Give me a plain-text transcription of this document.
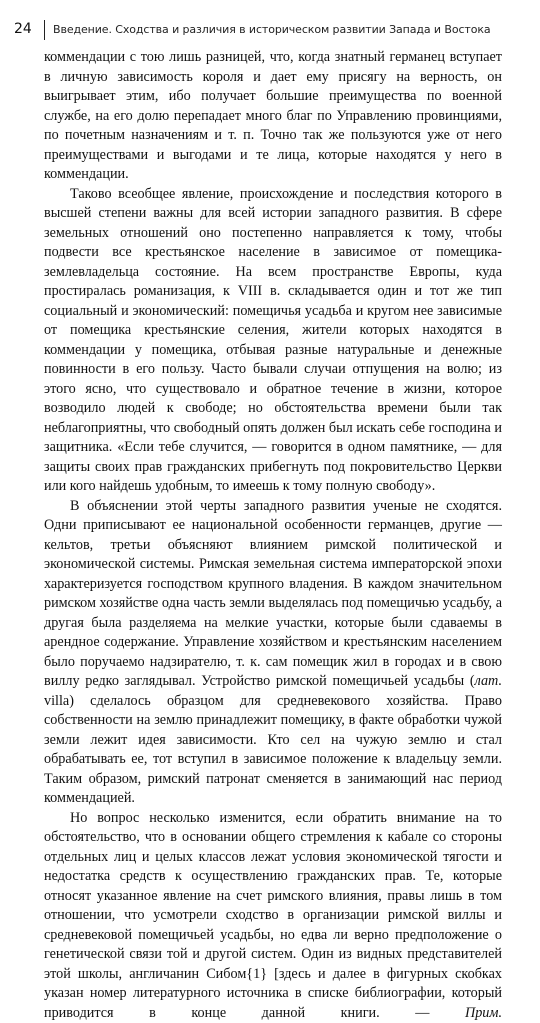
24 Введение. Сходства и различия в историческом развитии Запада и Востока

коммендации с тою лишь разницей, что, когда знатный германец вступает в личную зависимость короля и дает ему присягу на верность, он выигрывает этим, ибо получает большие преимущества по военной службе, на его долю перепадает много благ по Управлению провинциями, по почетным назначениям и т. п. Точно так же пользуются уже от него преимуществами и выгодами и те лица, которые находятся у него в коммендации.

Таково всеобщее явление, происхождение и последствия которого в высшей степени важны для всей истории западного развития. В сфере земельных отношений оно постепенно направляется к тому, чтобы подвести все крестьянское население в зависимое от помещика-землевладельца состояние. На всем пространстве Европы, куда простиралась романизация, к VIII в. складывается один и тот же тип социальный и экономический: помещичья усадьба и кругом нее зависимые от помещика крестьянские селения, жители которых находятся в коммендации у помещика, отбывая разные натуральные и денежные повинности в его пользу. Часто бывали случаи отпущения на волю; из этого ясно, что существовало и обратное течение в жизни, которое возводило людей к свободе; но обстоятельства времени были так неблагоприятны, что свободный опять должен был искать себе господина и защитника. «Если тебе случится, — говорится в одном памятнике, — для защиты своих прав гражданских прибегнуть под покровительство Церкви или кого найдешь удобным, то имеешь к тому полную свободу».

В объяснении этой черты западного развития ученые не сходятся. Одни приписывают ее национальной особенности германцев, другие — кельтов, третьи объясняют влиянием римской политической и экономической системы. Римская земельная система императорской эпохи характеризуется господством крупного владения. В каждом значительном римском хозяйстве одна часть земли выделялась под помещичью усадьбу, а другая была разделяема на мелкие участки, которые были сдаваемы в арендное содержание. Управление хозяйством и крестьянским населением было поручаемо надзирателю, т. к. сам помещик жил в городах и в свою виллу редко заглядывал. Устройство римской помещичьей усадьбы (лат. villa) сделалось образцом для средневекового хозяйства. Право собственности на землю принадлежит помещику, в факте обработки чужой земли лежит идея зависимости. Кто сел на чужую землю и стал обрабатывать ее, тот вступил в зависимое положение к владельцу земли. Таким образом, римский патронат сменяется в занимающий нас период коммендацией.

Но вопрос несколько изменится, если обратить внимание на то обстоятельство, что в основании общего стремления к кабале со стороны отдельных лиц и целых классов лежат условия экономической тягости и недостатка средств к осуществлению гражданских прав. Те, которые относят указанное явление на счет римского влияния, правы лишь в том отношении, что усмотрели сходство в организации римской виллы и средневековой помещичьей усадьбы, но едва ли верно предположение о генетической связи той и другой систем. Один из видных представителей этой школы, англичанин Сибом{1} [здесь и далее в фигурных скобках указан номер литературного источника в списке библиографии, который приводится в конце данной книги. — Прим.
